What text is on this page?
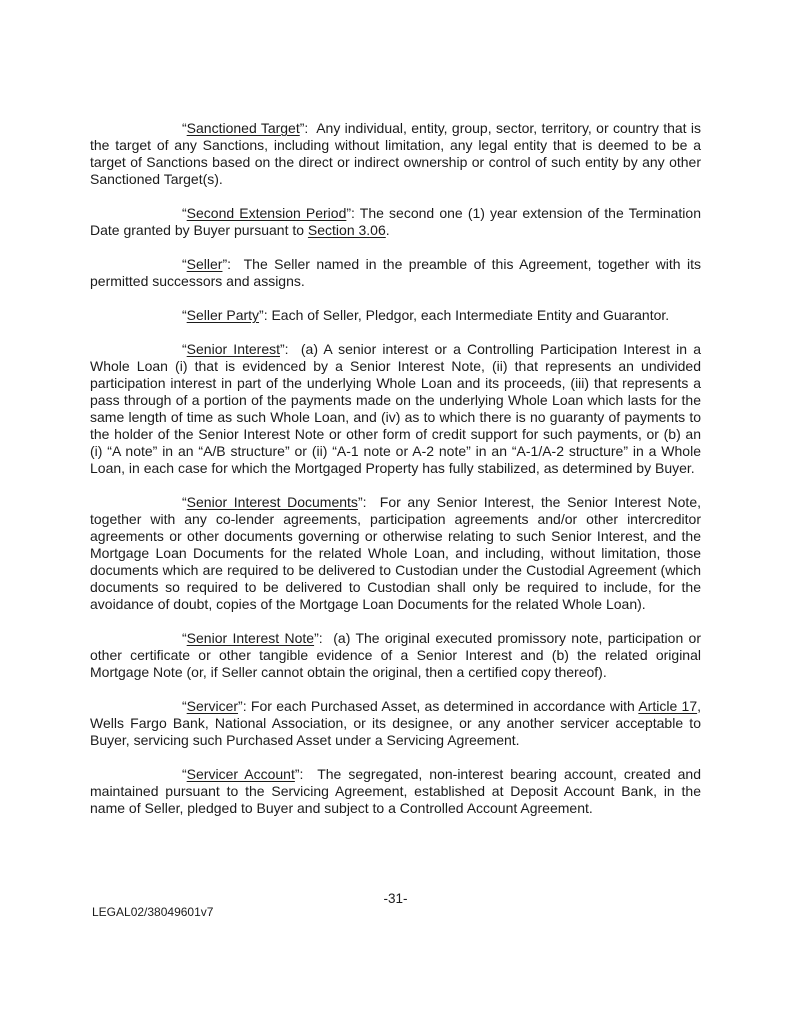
“Sanctioned Target”:  Any individual, entity, group, sector, territory, or country that is the target of any Sanctions, including without limitation, any legal entity that is deemed to be a target of Sanctions based on the direct or indirect ownership or control of such entity by any other Sanctioned Target(s).

“Second Extension Period”: The second one (1) year extension of the Termination Date granted by Buyer pursuant to Section 3.06.

“Seller”:  The Seller named in the preamble of this Agreement, together with its permitted successors and assigns.

“Seller Party”: Each of Seller, Pledgor, each Intermediate Entity and Guarantor.

“Senior Interest”:  (a) A senior interest or a Controlling Participation Interest in a Whole Loan (i) that is evidenced by a Senior Interest Note, (ii) that represents an undivided participation interest in part of the underlying Whole Loan and its proceeds, (iii) that represents a pass through of a portion of the payments made on the underlying Whole Loan which lasts for the same length of time as such Whole Loan, and (iv) as to which there is no guaranty of payments to the holder of the Senior Interest Note or other form of credit support for such payments, or (b) an (i) “A note” in an “A/B structure” or (ii) “A-1 note or A-2 note” in an “A-1/A-2 structure” in a Whole Loan, in each case for which the Mortgaged Property has fully stabilized, as determined by Buyer.

“Senior Interest Documents”:  For any Senior Interest, the Senior Interest Note, together with any co-lender agreements, participation agreements and/or other intercreditor agreements or other documents governing or otherwise relating to such Senior Interest, and the Mortgage Loan Documents for the related Whole Loan, and including, without limitation, those documents which are required to be delivered to Custodian under the Custodial Agreement (which documents so required to be delivered to Custodian shall only be required to include, for the avoidance of doubt, copies of the Mortgage Loan Documents for the related Whole Loan).

“Senior Interest Note”:  (a) The original executed promissory note, participation or other certificate or other tangible evidence of a Senior Interest and (b) the related original Mortgage Note (or, if Seller cannot obtain the original, then a certified copy thereof).

“Servicer”: For each Purchased Asset, as determined in accordance with Article 17, Wells Fargo Bank, National Association, or its designee, or any another servicer acceptable to Buyer, servicing such Purchased Asset under a Servicing Agreement.

“Servicer Account”:  The segregated, non-interest bearing account, created and maintained pursuant to the Servicing Agreement, established at Deposit Account Bank, in the name of Seller, pledged to Buyer and subject to a Controlled Account Agreement.

-31-
LEGAL02/38049601v7
